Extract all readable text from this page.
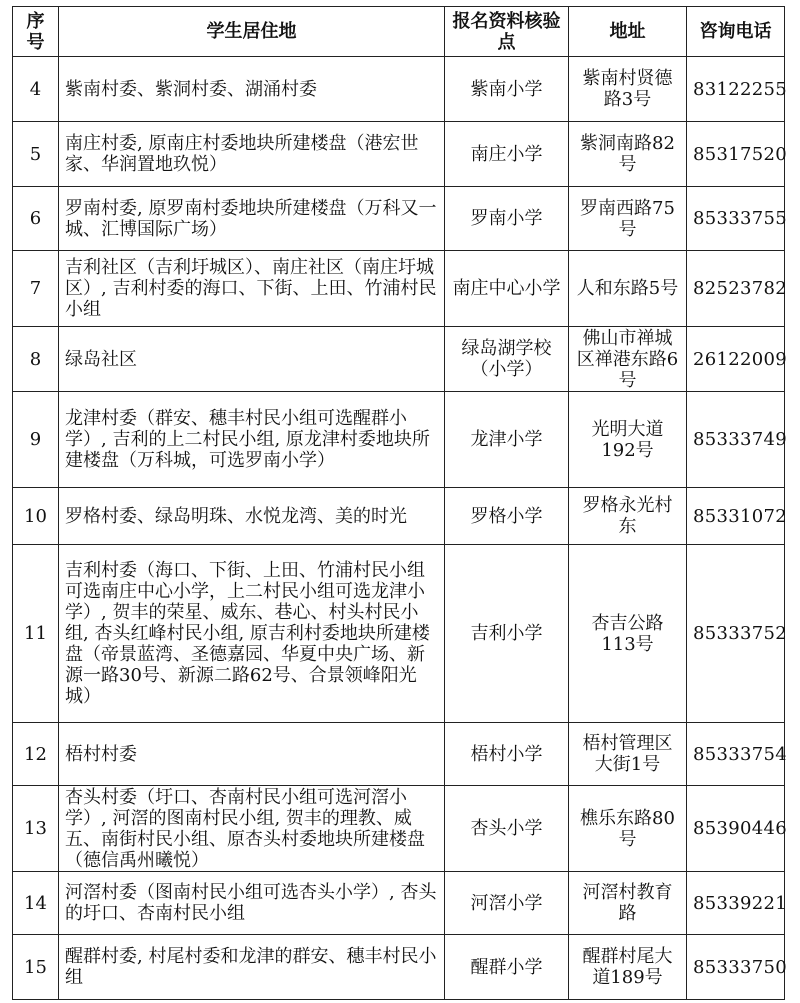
序号	学生居住地	报名资料核验点	地址	咨询电话
4	紫南村委、紫洞村委、湖涌村委	紫南小学	紫南村贤德路3号	83122255
5	南庄村委, 原南庄村委地块所建楼盘（港宏世家、华润置地玖悦）	南庄小学	紫洞南路82号	85317520
6	罗南村委, 原罗南村委地块所建楼盘（万科又一城、汇博国际广场）	罗南小学	罗南西路75号	85333755
7	吉利社区（吉利圩城区）、南庄社区（南庄圩城区）, 吉利村委的海口、下街、上田、竹浦村民小组	南庄中心小学	人和东路5号	82523782
8	绿岛社区	绿岛湖学校（小学）	佛山市禅城区禅港东路6号	26122009
9	龙津村委（群安、穗丰村民小组可选醒群小学）, 吉利的上二村民小组, 原龙津村委地块所建楼盘（万科城，可选罗南小学）	龙津小学	光明大道192号	85333749
10	罗格村委、绿岛明珠、水悦龙湾、美的时光	罗格小学	罗格永光村东	85331072
11	吉利村委（海口、下街、上田、竹浦村民小组可选南庄中心小学，上二村民小组可选龙津小学）, 贺丰的荣星、威东、巷心、村头村民小组, 杏头红峰村民小组, 原吉利村委地块所建楼盘（帝景蓝湾、圣德嘉园、华夏中央广场、新源一路30号、新源二路62号、合景领峰阳光城）	吉利小学	杏吉公路113号	85333752
12	梧村村委	梧村小学	梧村管理区大街1号	85333754
13	杏头村委（圩口、杏南村民小组可选河滘小学）, 河滘的图南村民小组, 贺丰的理教、威五、南街村民小组、原杏头村委地块所建楼盘（德信禹州曦悦）	杏头小学	樵乐东路80号	85390446
14	河滘村委（图南村民小组可选杏头小学）, 杏头的圩口、杏南村民小组	河滘小学	河滘村教育路	85339221
15	醒群村委, 村尾村委和龙津的群安、穗丰村民小组	醒群小学	醒群村尾大道189号	85333750
